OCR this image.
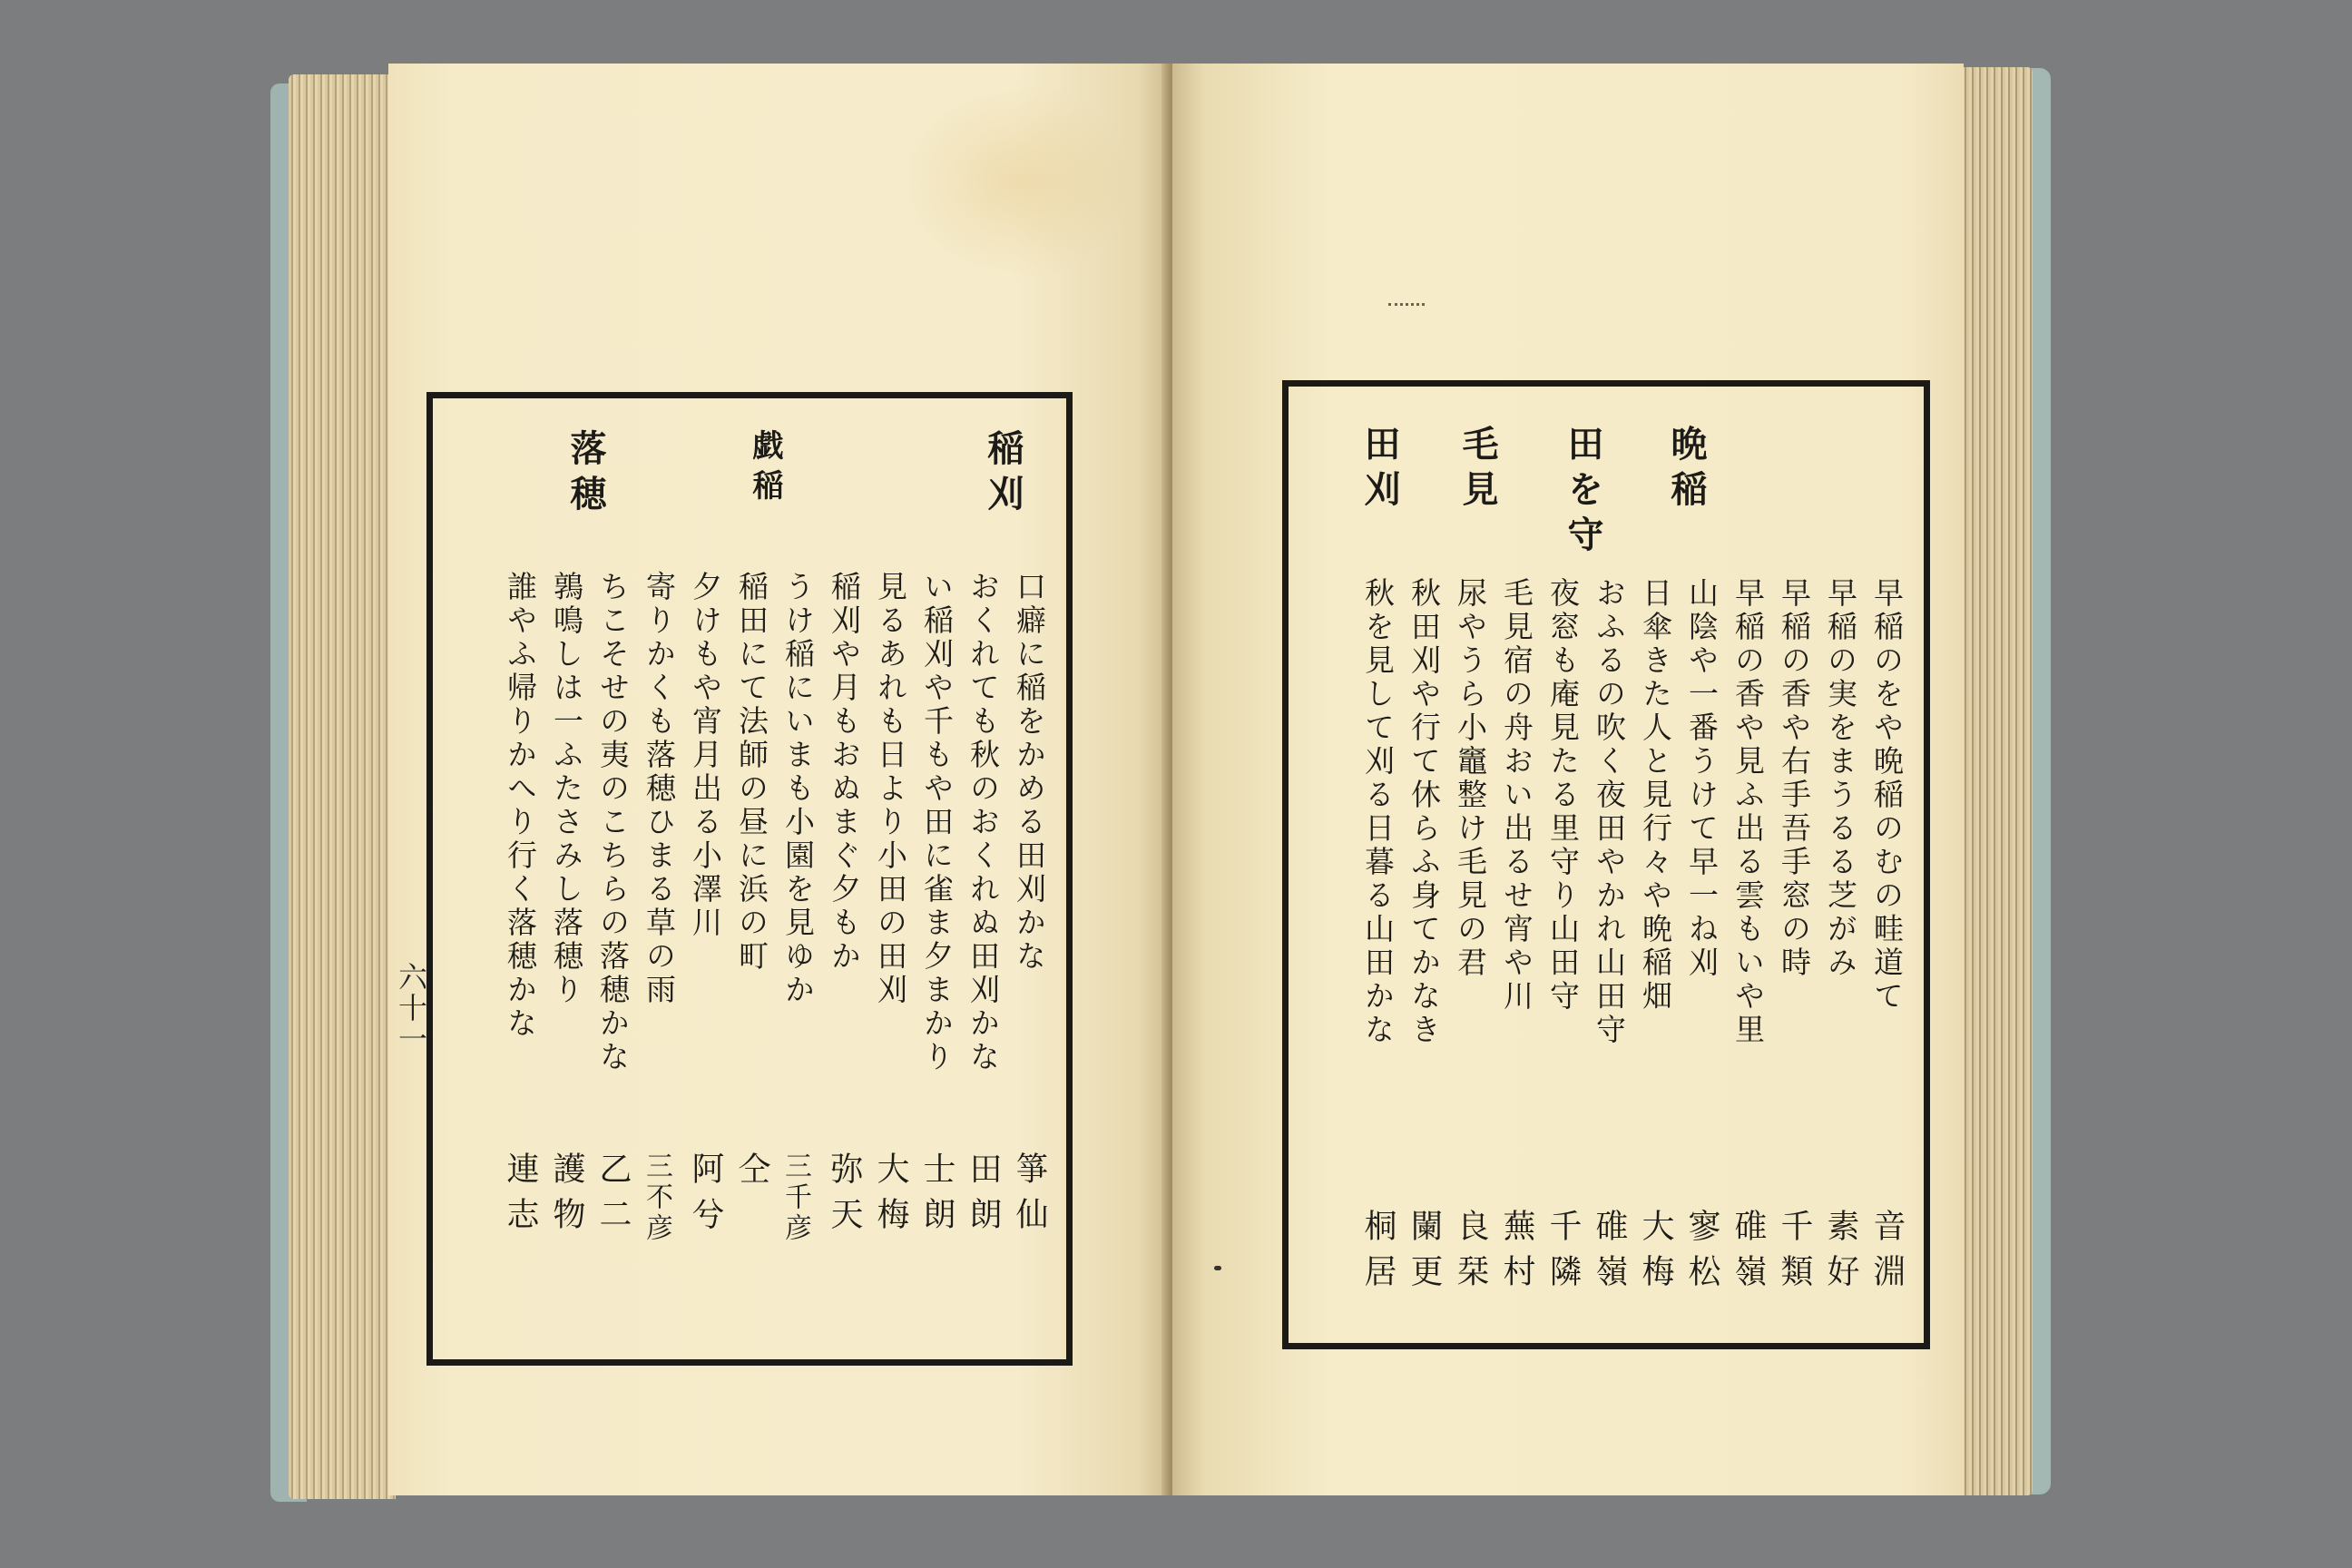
稲刈
戯稲
落穂
口癖に稲をかめる田刈かな
おくれても秋のおくれぬ田刈かな
い稲刈や千もや田に雀ま夕まかり
見るあれも日より小田の田刈
稲刈や月もおぬまぐ夕もか
うけ稲にいまも小園を見ゆか
稲田にて法師の昼に浜の町
夕けもや宵月出る小澤川
寄りかくも落穂ひまる草の雨
ちこそせの夷のこちらの落穂かな
鶉鳴しは一ふたさみし落穂り
誰やふ帰りかへり行く落穂かな
箏仙
田朗
士朗
大梅
弥天
三千彦
仝
阿兮
三不彦
乙二
護物
連志
六十一
晩稲
田を守
毛見
田刈
早稲のをや晩稲のむの畦道て
早稲の実をまうるる芝がみ
早稲の香や右手吾手窓の時
早稲の香や見ふ出る雲もいや里
山陰や一番うけて早一ね刈
日傘きた人と見行々や晩稲畑
おふるの吹く夜田やかれ山田守
夜窓も庵見たる里守り山田守
毛見宿の舟おい出るせ宵や川
尿やうら小竈整け毛見の君
秋田刈や行て休らふ身てかなき
秋を見して刈る日暮る山田かな
音淵
素好
千類
碓嶺
寥松
大梅
碓嶺
千隣
蕪村
良栞
闌更
桐居
